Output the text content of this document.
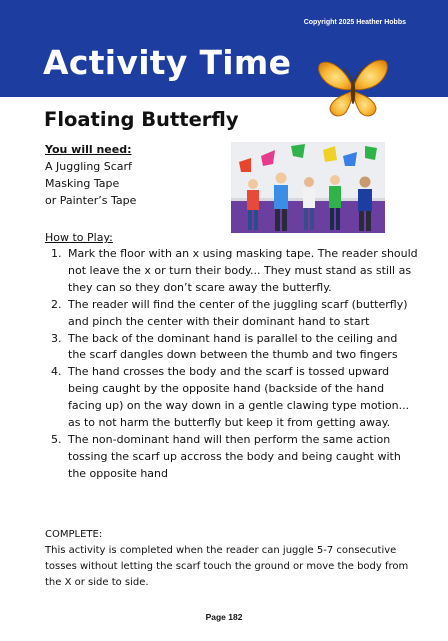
Copyright 2025 Heather Hobbs
Activity Time
Floating Butterfly
You will need:
A Juggling Scarf
Masking Tape
or Painter’s Tape
How to Play:
1. Mark the floor with an x using masking tape. The reader should not leave the x or turn their body... They must stand as still as they can so they don’t scare away the butterfly.
2. The reader will find the center of the juggling scarf (butterfly) and pinch the center with their dominant hand to start
3. The back of the dominant hand is parallel to the ceiling and the scarf dangles down between the thumb and two fingers
4. The hand crosses the body and the scarf is tossed upward being caught by the opposite hand (backside of the hand facing up) on the way down in a gentle clawing type motion... as to not harm the butterfly but keep it from getting away.
5. The non-dominant hand will then perform the same action tossing the scarf up accross the body and being caught with the opposite hand
COMPLETE:
This activity is completed when the reader can juggle 5-7 consecutive tosses without letting the scarf touch the ground or move the body from the X or side to side.
Page 182
